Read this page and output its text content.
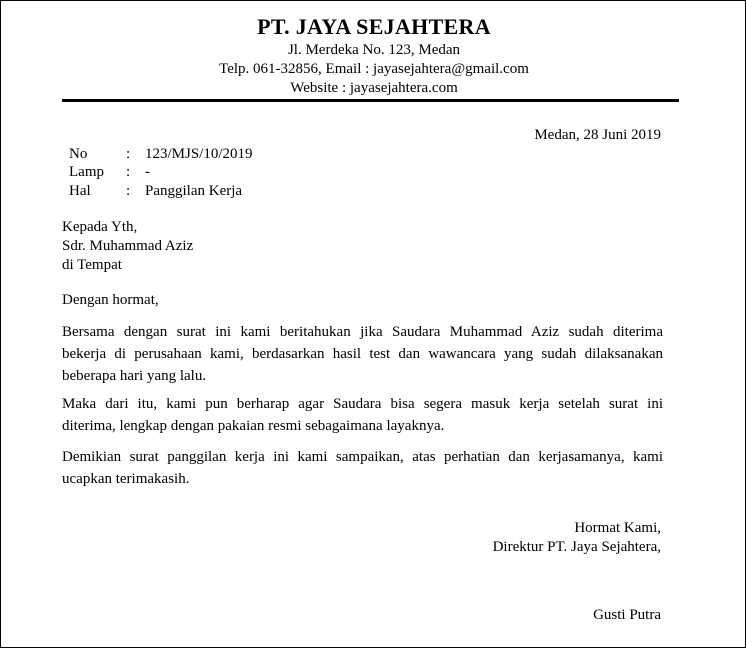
PT. JAYA SEJAHTERA
Jl. Merdeka No. 123, Medan
Telp. 061-32856, Email : jayasejahtera@gmail.com
Website : jayasejahtera.com
Medan, 28 Juni 2019
No	: 123/MJS/10/2019
Lamp : -
Hal : Panggilan Kerja
Kepada Yth,
Sdr. Muhammad Aziz
di Tempat
Dengan hormat,
Bersama dengan surat ini kami beritahukan jika Saudara Muhammad Aziz sudah diterima
bekerja di perusahaan kami, berdasarkan hasil test dan wawancara yang sudah dilaksanakan
beberapa hari yang lalu.
Maka dari itu, kami pun berharap agar Saudara bisa segera masuk kerja setelah surat ini
diterima, lengkap dengan pakaian resmi sebagaimana layaknya.
Demikian surat panggilan kerja ini kami sampaikan, atas perhatian dan kerjasamanya, kami
ucapkan terimakasih.
Hormat Kami,
Direktur PT. Jaya Sejahtera,
Gusti Putra
